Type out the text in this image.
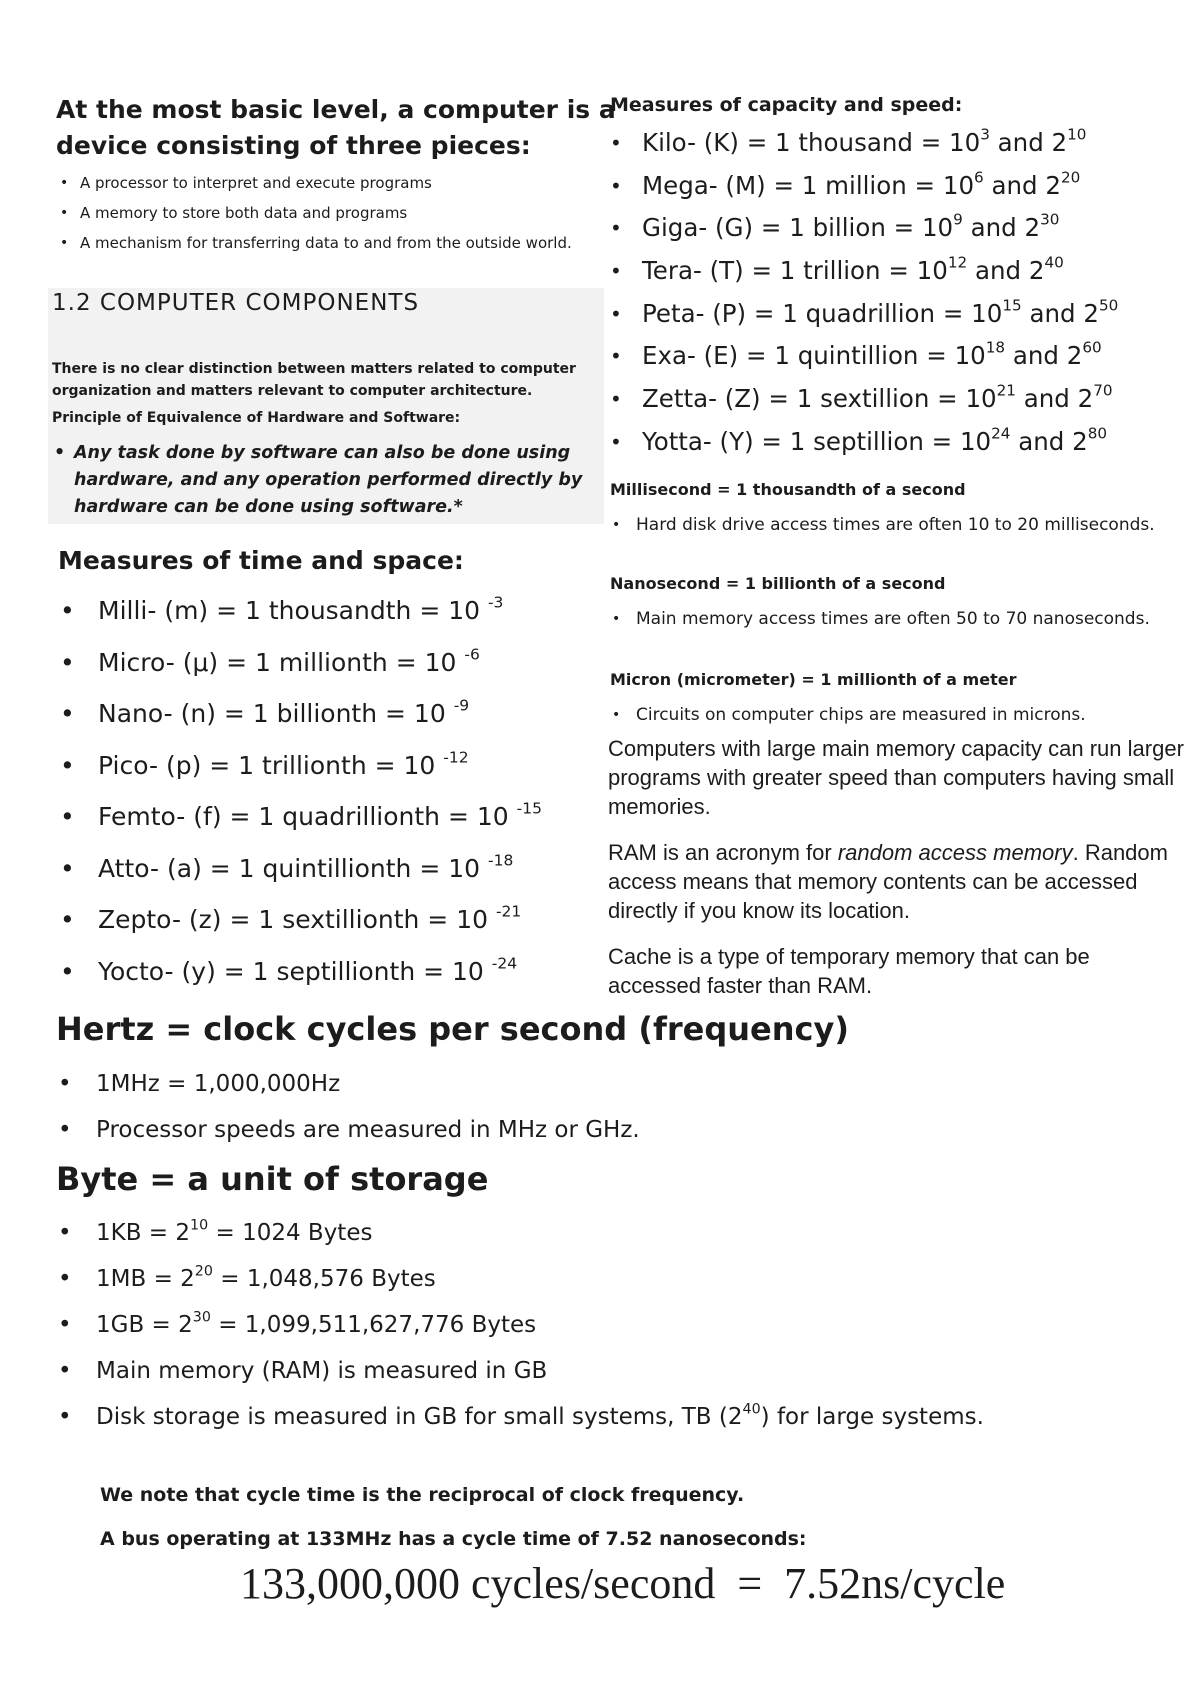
At the most basic level, a computer is a device consisting of three pieces:
• A processor to interpret and execute programs
• A memory to store both data and programs
• A mechanism for transferring data to and from the outside world.
1.2 COMPUTER COMPONENTS
There is no clear distinction between matters related to computer organization and matters relevant to computer architecture.
Principle of Equivalence of Hardware and Software:
• Any task done by software can also be done using hardware, and any operation performed directly by hardware can be done using software.*
Measures of time and space:
• Milli- (m) = 1 thousandth = 10 $^{-3}$
• Micro- (μ) = 1 millionth = 10 $^{-6}$
• Nano- (n) = 1 billionth = 10 $^{-9}$
• Pico- (p) = 1 trillionth = 10 $^{-12}$
• Femto- (f) = 1 quadrillionth = 10 $^{-15}$
• Atto- (a) = 1 quintillionth = 10 $^{-18}$
• Zepto- (z) = 1 sextillionth = 10 $^{-21}$
• Yocto- (y) = 1 septillionth = 10 $^{-24}$
Measures of capacity and speed:
• Kilo- (K) = 1 thousand = $10^3$ and $2^{10}$
• Mega- (M) = 1 million = $10^6$ and $2^{20}$
• Giga- (G) = 1 billion = $10^9$ and $2^{30}$
• Tera- (T) = 1 trillion = $10^{12}$ and $2^{40}$
• Peta- (P) = 1 quadrillion = $10^{15}$ and $2^{50}$
• Exa- (E) = 1 quintillion = $10^{18}$ and $2^{60}$
• Zetta- (Z) = 1 sextillion = $10^{21}$ and $2^{70}$
• Yotta- (Y) = 1 septillion = $10^{24}$ and $2^{80}$
Millisecond = 1 thousandth of a second
• Hard disk drive access times are often 10 to 20 milliseconds.
Nanosecond = 1 billionth of a second
• Main memory access times are often 50 to 70 nanoseconds.
Micron (micrometer) = 1 millionth of a meter
• Circuits on computer chips are measured in microns.
Computers with large main memory capacity can run larger programs with greater speed than computers having small memories.
RAM is an acronym for random access memory. Random access means that memory contents can be accessed directly if you know its location.
Cache is a type of temporary memory that can be accessed faster than RAM.
Hertz = clock cycles per second (frequency)
• 1MHz = 1,000,000Hz
• Processor speeds are measured in MHz or GHz.
Byte = a unit of storage
• $1KB = 2^{10} = 1024$ Bytes
• $1MB = 2^{20} = 1,048,576$ Bytes
• $1GB = 2^{30} = 1,099,511,627,776$ Bytes
• Main memory (RAM) is measured in GB
• Disk storage is measured in GB for small systems, TB $(2^{40})$ for large systems.
We note that cycle time is the reciprocal of clock frequency.
A bus operating at 133MHz has a cycle time of 7.52 nanoseconds:
133,000,000 cycles/second  =  7.52ns/cycle
